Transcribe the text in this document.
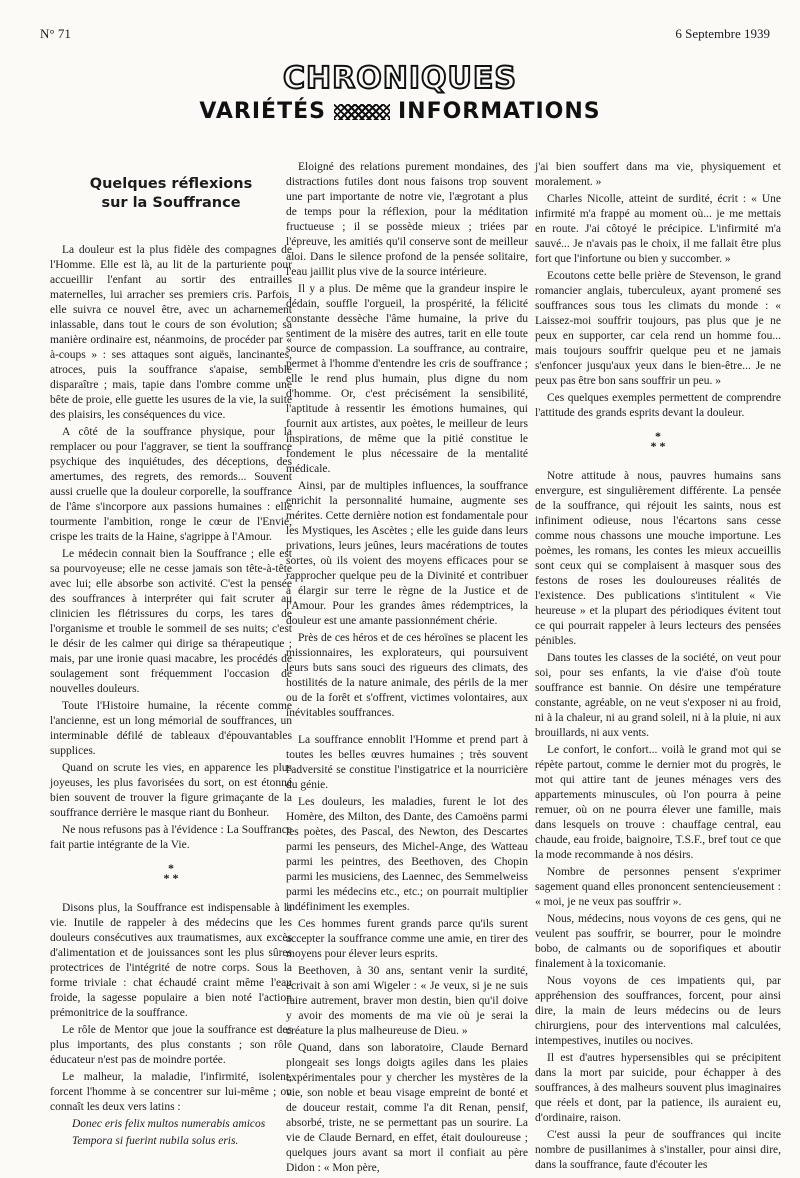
N° 71	6 Septembre 1939
CHRONIQUES
VARIÉTÉS	INFORMATIONS
Quelques réflexions
sur la Souffrance

La douleur est la plus fidèle des compagnes de l'Homme. Elle est là, au lit de la parturiente pour accueillir l'enfant au sortir des entrailles maternelles, lui arracher ses premiers cris. Parfois, elle suivra ce nouvel être, avec un acharnement inlassable, dans tout le cours de son évolution; sa manière ordinaire est, néanmoins, de procéder par « à-coups » : ses attaques sont aiguës, lancinantes, atroces, puis la souffrance s'apaise, semble disparaître ; mais, tapie dans l'ombre comme une bête de proie, elle guette les usures de la vie, la suite des plaisirs, les conséquences du vice.

A côté de la souffrance physique, pour la remplacer ou pour l'aggraver, se tient la souffrance psychique des inquiétudes, des déceptions, des amertumes, des regrets, des remords... Souvent aussi cruelle que la douleur corporelle, la souffrance de l'âme s'incorpore aux passions humaines : elle tourmente l'ambition, ronge le cœur de l'Envie, crispe les traits de la Haine, s'agrippe à l'Amour.

Le médecin connait bien la Souffrance ; elle est sa pourvoyeuse; elle ne cesse jamais son tête-à-tête avec lui; elle absorbe son activité. C'est la pensée des souffrances à interpréter qui fait scruter au clinicien les flétrissures du corps, les tares de l'organisme et trouble le sommeil de ses nuits; c'est le désir de les calmer qui dirige sa thérapeutique ; mais, par une ironie quasi macabre, les procédés de soulagement sont fréquemment l'occasion de nouvelles douleurs.

Toute l'Histoire humaine, la récente comme l'ancienne, est un long mémorial de souffrances, un interminable défilé de tableaux d'épouvantables supplices.

Quand on scrute les vies, en apparence les plus joyeuses, les plus favorisées du sort, on est étonné bien souvent de trouver la figure grimaçante de la souffrance derrière le masque riant du Bonheur.

Ne nous refusons pas à l'évidence : La Souffrance fait partie intégrante de la Vie.

*
* *

Disons plus, la Souffrance est indispensable à la vie. Inutile de rappeler à des médecins que les douleurs consécutives aux traumatismes, aux excès d'alimentation et de jouissances sont les plus sûres protectrices de l'intégrité de notre corps. Sous la forme triviale : chat échaudé craint même l'eau froide, la sagesse populaire a bien noté l'action prémonitrice de la souffrance.

Le rôle de Mentor que joue la souffrance est des plus importants, des plus constants ; son rôle éducateur n'est pas de moindre portée.

Le malheur, la maladie, l'infirmité, isolent, forcent l'homme à se concentrer sur lui-même ; on connaît les deux vers latins :

Donec eris felix multos numerabis amicos

Tempora si fuerint nubila solus eris.

Eloigné des relations purement mondaines, des distractions futiles dont nous faisons trop souvent une part importante de notre vie, l'ægrotant a plus de temps pour la réflexion, pour la méditation fructueuse ; il se possède mieux ; triées par l'épreuve, les amitiés qu'il conserve sont de meilleur aloi. Dans le silence profond de la pensée solitaire, l'eau jaillit plus vive de la source intérieure.

Il y a plus. De même que la grandeur inspire le dédain, souffle l'orgueil, la prospérité, la félicité constante dessèche l'âme humaine, la prive du sentiment de la misère des autres, tarit en elle toute source de compassion. La souffrance, au contraire, permet à l'homme d'entendre les cris de souffrance ; elle le rend plus humain, plus digne du nom d'homme. Or, c'est précisément la sensibilité, l'aptitude à ressentir les émotions humaines, qui fournit aux artistes, aux poètes, le meilleur de leurs inspirations, de même que la pitié constitue le fondement le plus nécessaire de la mentalité médicale.

Ainsi, par de multiples influences, la souffrance enrichit la personnalité humaine, augmente ses mérites. Cette dernière notion est fondamentale pour les Mystiques, les Ascètes ; elle les guide dans leurs privations, leurs jeûnes, leurs macérations de toutes sortes, où ils voient des moyens efficaces pour se rapprocher quelque peu de la Divinité et contribuer à élargir sur terre le règne de la Justice et de l'Amour. Pour les grandes âmes rédemptrices, la douleur est une amante passionnément chérie.

Près de ces héros et de ces héroïnes se placent les missionnaires, les explorateurs, qui poursuivent leurs buts sans souci des rigueurs des climats, des hostilités de la nature animale, des périls de la mer ou de la forêt et s'offrent, victimes volontaires, aux inévitables souffrances.

La souffrance ennoblit l'Homme et prend part à toutes les belles œuvres humaines ; très souvent l'adversité se constitue l'instigatrice et la nourricière du génie.

Les douleurs, les maladies, furent le lot des Homère, des Milton, des Dante, des Camoëns parmi les poètes, des Pascal, des Newton, des Descartes parmi les penseurs, des Michel-Ange, des Watteau parmi les peintres, des Beethoven, des Chopin parmi les musiciens, des Laennec, des Semmelweiss parmi les médecins etc., etc.; on pourrait multiplier indéfiniment les exemples.

Ces hommes furent grands parce qu'ils surent accepter la souffrance comme une amie, en tirer des moyens pour élever leurs esprits.

Beethoven, à 30 ans, sentant venir la surdité, écrivait à son ami Wigeler : « Je veux, si je ne suis faire autrement, braver mon destin, bien qu'il doive y avoir des moments de ma vie où je serai la créature la plus malheureuse de Dieu. »

Quand, dans son laboratoire, Claude Bernard plongeait ses longs doigts agiles dans les plaies expérimentales pour y chercher les mystères de la vie, son noble et beau visage empreint de bonté et de douceur restait, comme l'a dit Renan, pensif, absorbé, triste, ne se permettant pas un sourire. La vie de Claude Bernard, en effet, était douloureuse ; quelques jours avant sa mort il confiait au père Didon : « Mon père,

j'ai bien souffert dans ma vie, physiquement et moralement. »

Charles Nicolle, atteint de surdité, écrit : « Une infirmité m'a frappé au moment où... je me mettais en route. J'ai côtoyé le précipice. L'infirmité m'a sauvé... Je n'avais pas le choix, il me fallait être plus fort que l'infortune ou bien y succomber. »

Ecoutons cette belle prière de Stevenson, le grand romancier anglais, tuberculeux, ayant promené ses souffrances sous tous les climats du monde : « Laissez-moi souffrir toujours, pas plus que je ne peux en supporter, car cela rend un homme fou... mais toujours souffrir quelque peu et ne jamais s'enfoncer jusqu'aux yeux dans le bien-être... Je ne peux pas être bon sans souffrir un peu. »

Ces quelques exemples permettent de comprendre l'attitude des grands esprits devant la douleur.

*
* *

Notre attitude à nous, pauvres humains sans envergure, est singulièrement différente. La pensée de la souffrance, qui réjouit les saints, nous est infiniment odieuse, nous l'écartons sans cesse comme nous chassons une mouche importune. Les poèmes, les romans, les contes les mieux accueillis sont ceux qui se complaisent à masquer sous des festons de roses les douloureuses réalités de l'existence. Des publications s'intitulent « Vie heureuse » et la plupart des périodiques évitent tout ce qui pourrait rappeler à leurs lecteurs des pensées pénibles.

Dans toutes les classes de la société, on veut pour soi, pour ses enfants, la vie d'aise d'où toute souffrance est bannie. On désire une température constante, agréable, on ne veut s'exposer ni au froid, ni à la chaleur, ni au grand soleil, ni à la pluie, ni aux brouillards, ni aux vents.

Le confort, le confort... voilà le grand mot qui se répète partout, comme le dernier mot du progrès, le mot qui attire tant de jeunes ménages vers des appartements minuscules, où l'on pourra à peine remuer, où on ne pourra élever une famille, mais dans lesquels on trouve : chauffage central, eau chaude, eau froide, baignoire, T.S.F., bref tout ce que la mode recommande à nos désirs.

Nombre de personnes pensent s'exprimer sagement quand elles prononcent sentencieusement : « moi, je ne veux pas souffrir ».

Nous, médecins, nous voyons de ces gens, qui ne veulent pas souffrir, se bourrer, pour le moindre bobo, de calmants ou de soporifiques et aboutir finalement à la toxicomanie.

Nous voyons de ces impatients qui, par appréhension des souffrances, forcent, pour ainsi dire, la main de leurs médecins ou de leurs chirurgiens, pour des interventions mal calculées, intempestives, inutiles ou nocives.

Il est d'autres hypersensibles qui se précipitent dans la mort par suicide, pour échapper à des souffrances, à des malheurs souvent plus imaginaires que réels et dont, par la patience, ils auraient eu, d'ordinaire, raison.

C'est aussi la peur de souffrances qui incite nombre de pusillanimes à s'installer, pour ainsi dire, dans la souffrance, faute d'écouter les
